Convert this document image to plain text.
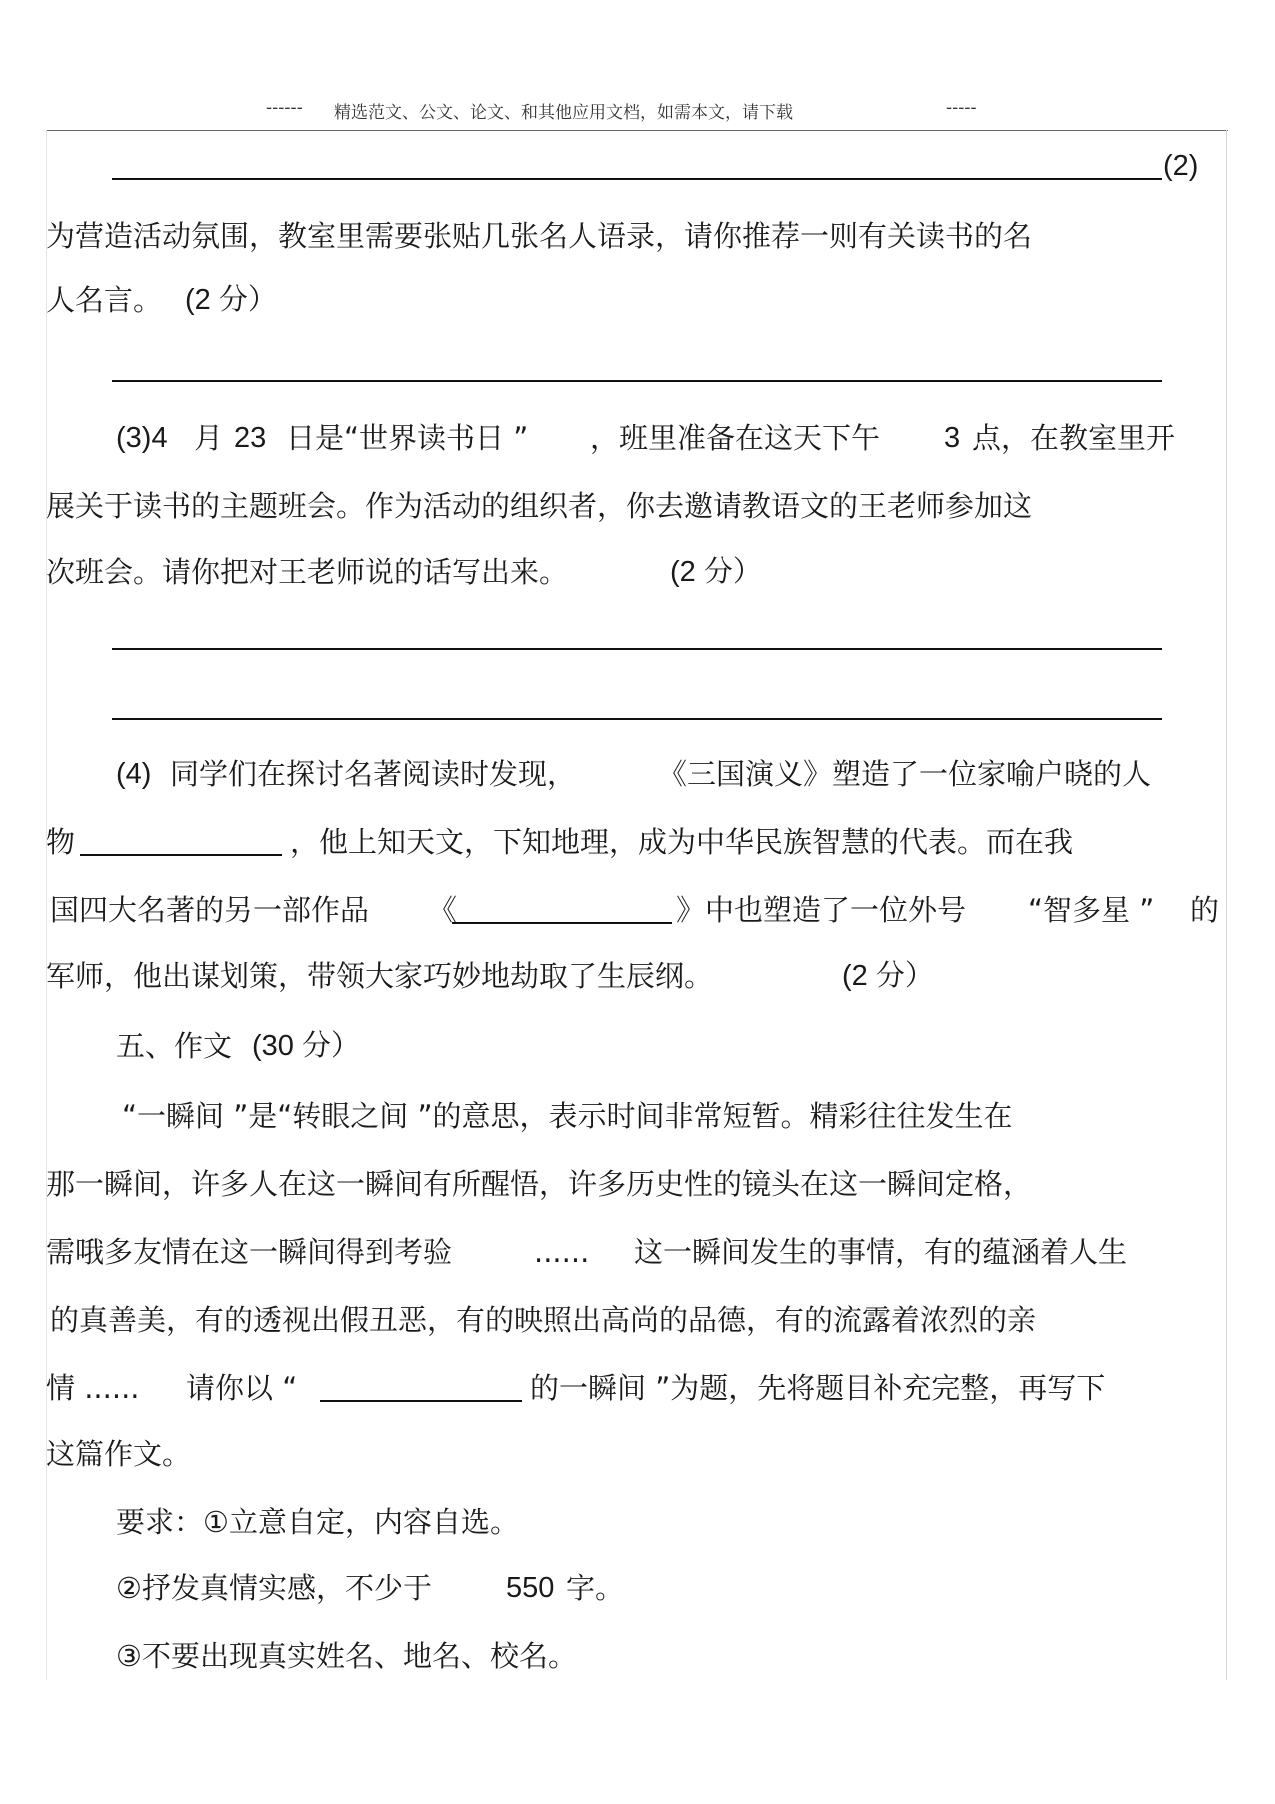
------ 精选范文、公文、论文、和其他应用文档，如需本文，请下载	-----
(2)
为营造活动氛围，教室里需要张贴几张名人语录，请你推荐一则有关读书的名
人名言。 (2 分）
(3)4 月 23 日是“世界读书日 ” ，班里准备在这天下午 3 点，在教室里开
展关于读书的主题班会。作为活动的组织者，你去邀请教语文的王老师参加这
次班会。请你把对王老师说的话写出来。	(2 分）
(4) 同学们在探讨名著阅读时发现，	《三国演义》塑造了一位家喻户晓的人
物	，他上知天文，下知地理，成为中华民族智慧的代表。而在我
国四大名著的另一部作品 《	》中也塑造了一位外号 “智多星 ” 的
军师，他出谋划策，带领大家巧妙地劫取了生辰纲。	(2 分）
五、作文 (30 分）
“一瞬间 ”是“转眼之间 ”的意思，表示时间非常短暂。精彩往往发生在
那一瞬间，许多人在这一瞬间有所醒悟，许多历史性的镜头在这一瞬间定格，
需哦多友情在这一瞬间得到考验	...... 这一瞬间发生的事情，有的蕴涵着人生
的真善美，有的透视出假丑恶，有的映照出高尚的品德，有的流露着浓烈的亲
情 ...... 请你以 “	的一瞬间 ”为题，先将题目补充完整，再写下
这篇作文。
要求：①立意自定，内容自选。
②抒发真情实感，不少于	550 字。
③不要出现真实姓名、地名、校名。
